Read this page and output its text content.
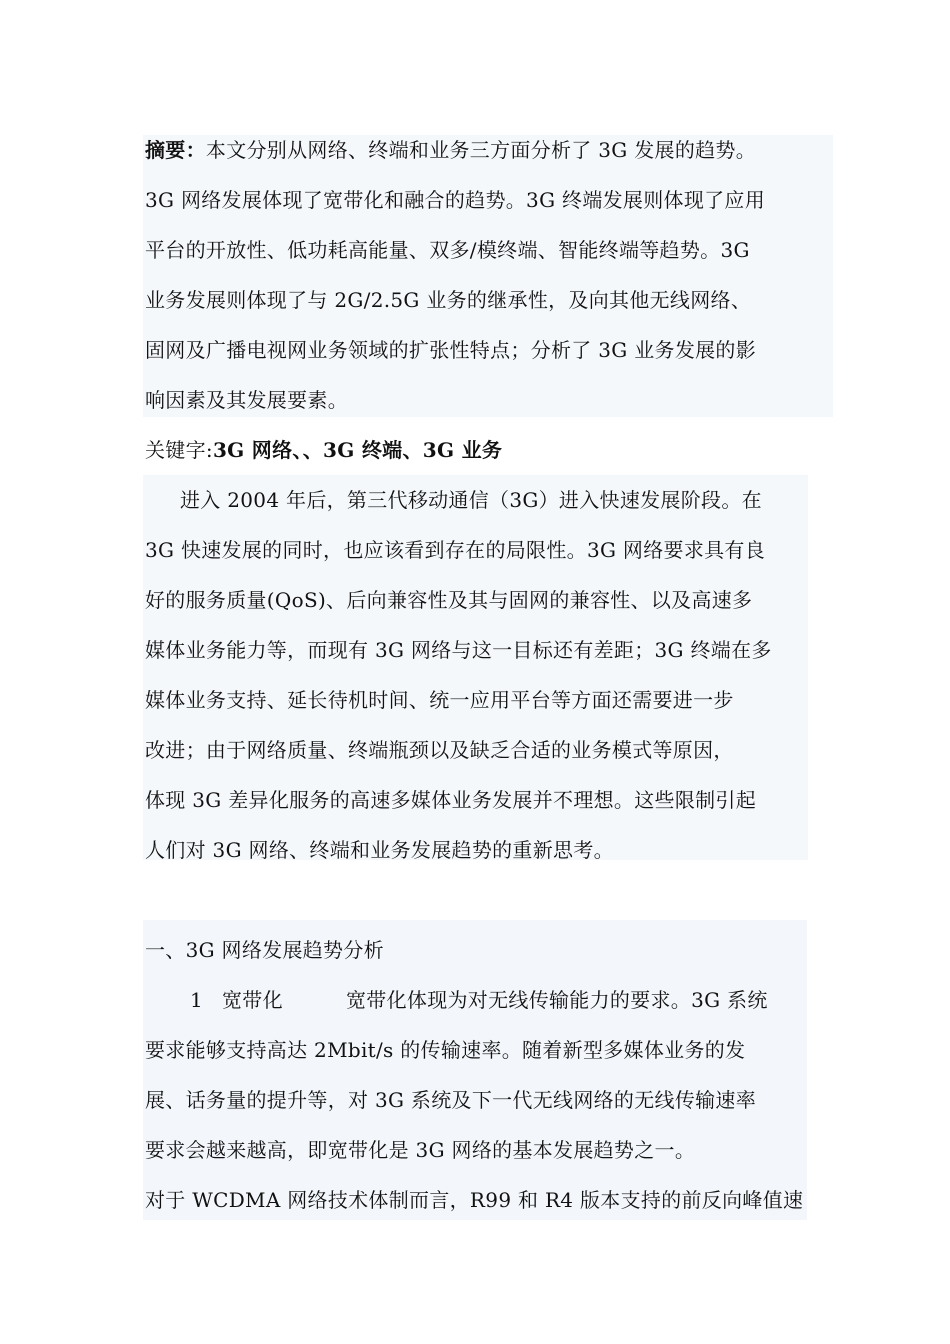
摘要：本文分别从网络、终端和业务三方面分析了 3G 发展的趋势。
3G 网络发展体现了宽带化和融合的趋势。3G 终端发展则体现了应用
平台的开放性、低功耗高能量、双多/模终端、智能终端等趋势。3G
业务发展则体现了与 2G/2.5G 业务的继承性，及向其他无线网络、
固网及广播电视网业务领域的扩张性特点；分析了 3G 业务发展的影
响因素及其发展要素。
关键字:3G 网络、、3G 终端、3G 业务
进入 2004 年后，第三代移动通信（3G）进入快速发展阶段。在
3G 快速发展的同时，也应该看到存在的局限性。3G 网络要求具有良
好的服务质量(QoS)、后向兼容性及其与固网的兼容性、以及高速多
媒体业务能力等，而现有 3G 网络与这一目标还有差距；3G 终端在多
媒体业务支持、延长待机时间、统一应用平台等方面还需要进一步
改进；由于网络质量、终端瓶颈以及缺乏合适的业务模式等原因，
体现 3G 差异化服务的高速多媒体业务发展并不理想。这些限制引起
人们对 3G 网络、终端和业务发展趋势的重新思考。
一、3G 网络发展趋势分析
1 宽带化	宽带化体现为对无线传输能力的要求。3G 系统
要求能够支持高达 2Mbit/s 的传输速率。随着新型多媒体业务的发
展、话务量的提升等，对 3G 系统及下一代无线网络的无线传输速率
要求会越来越高，即宽带化是 3G 网络的基本发展趋势之一。
对于 WCDMA 网络技术体制而言，R99 和 R4 版本支持的前反向峰值速
